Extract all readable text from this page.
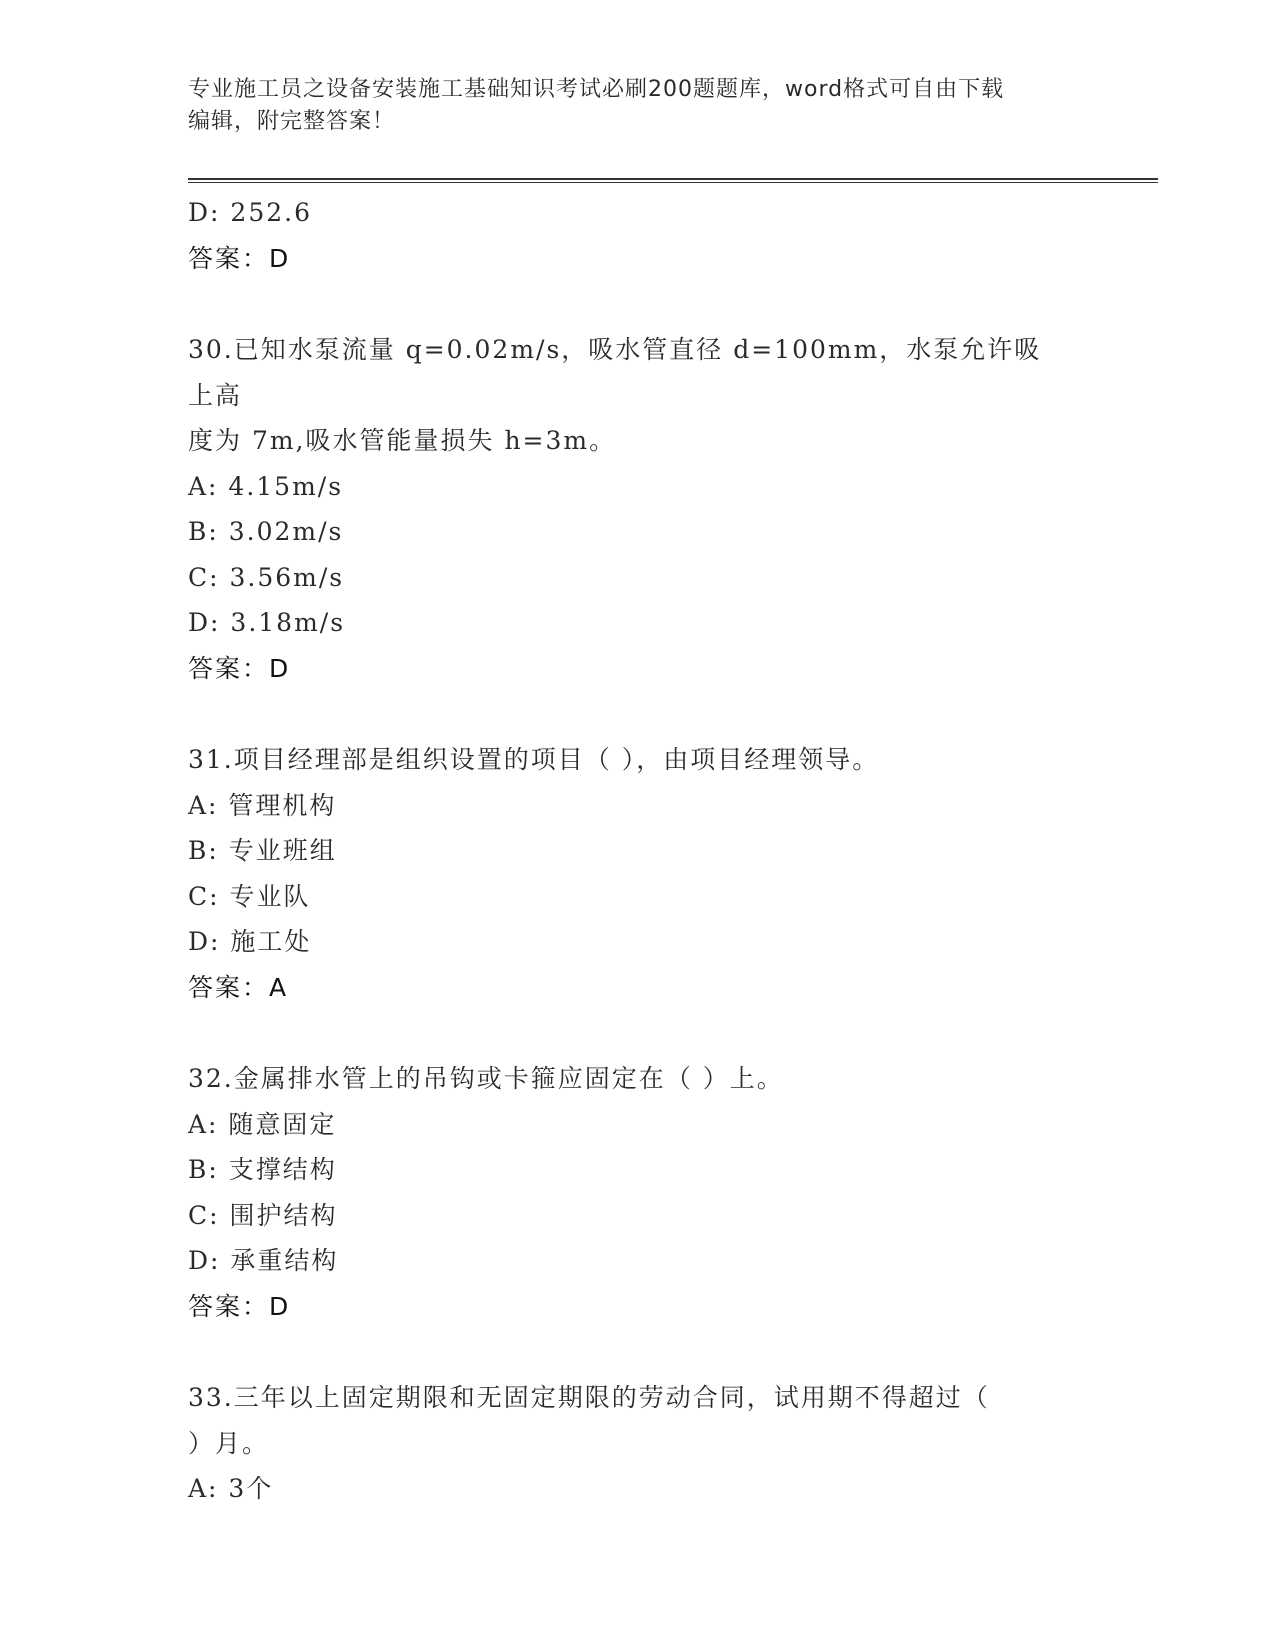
专业施工员之设备安装施工基础知识考试必刷200题题库，word格式可自由下载
编辑，附完整答案！
D: 252.6
答案：D
30.已知水泵流量 q=0.02m/s，吸水管直径 d=100mm，水泵允许吸上高
度为 7m,吸水管能量损失 h=3m。
A: 4.15m/s
B: 3.02m/s
C: 3.56m/s
D: 3.18m/s
答案：D
31.项目经理部是组织设置的项目（ ），由项目经理领导。
A: 管理机构
B: 专业班组
C: 专业队
D: 施工处
答案：A
32.金属排水管上的吊钩或卡箍应固定在（ ）上。
A: 随意固定
B: 支撑结构
C: 围护结构
D: 承重结构
答案：D
33.三年以上固定期限和无固定期限的劳动合同，试用期不得超过（
）月。
A: 3个
